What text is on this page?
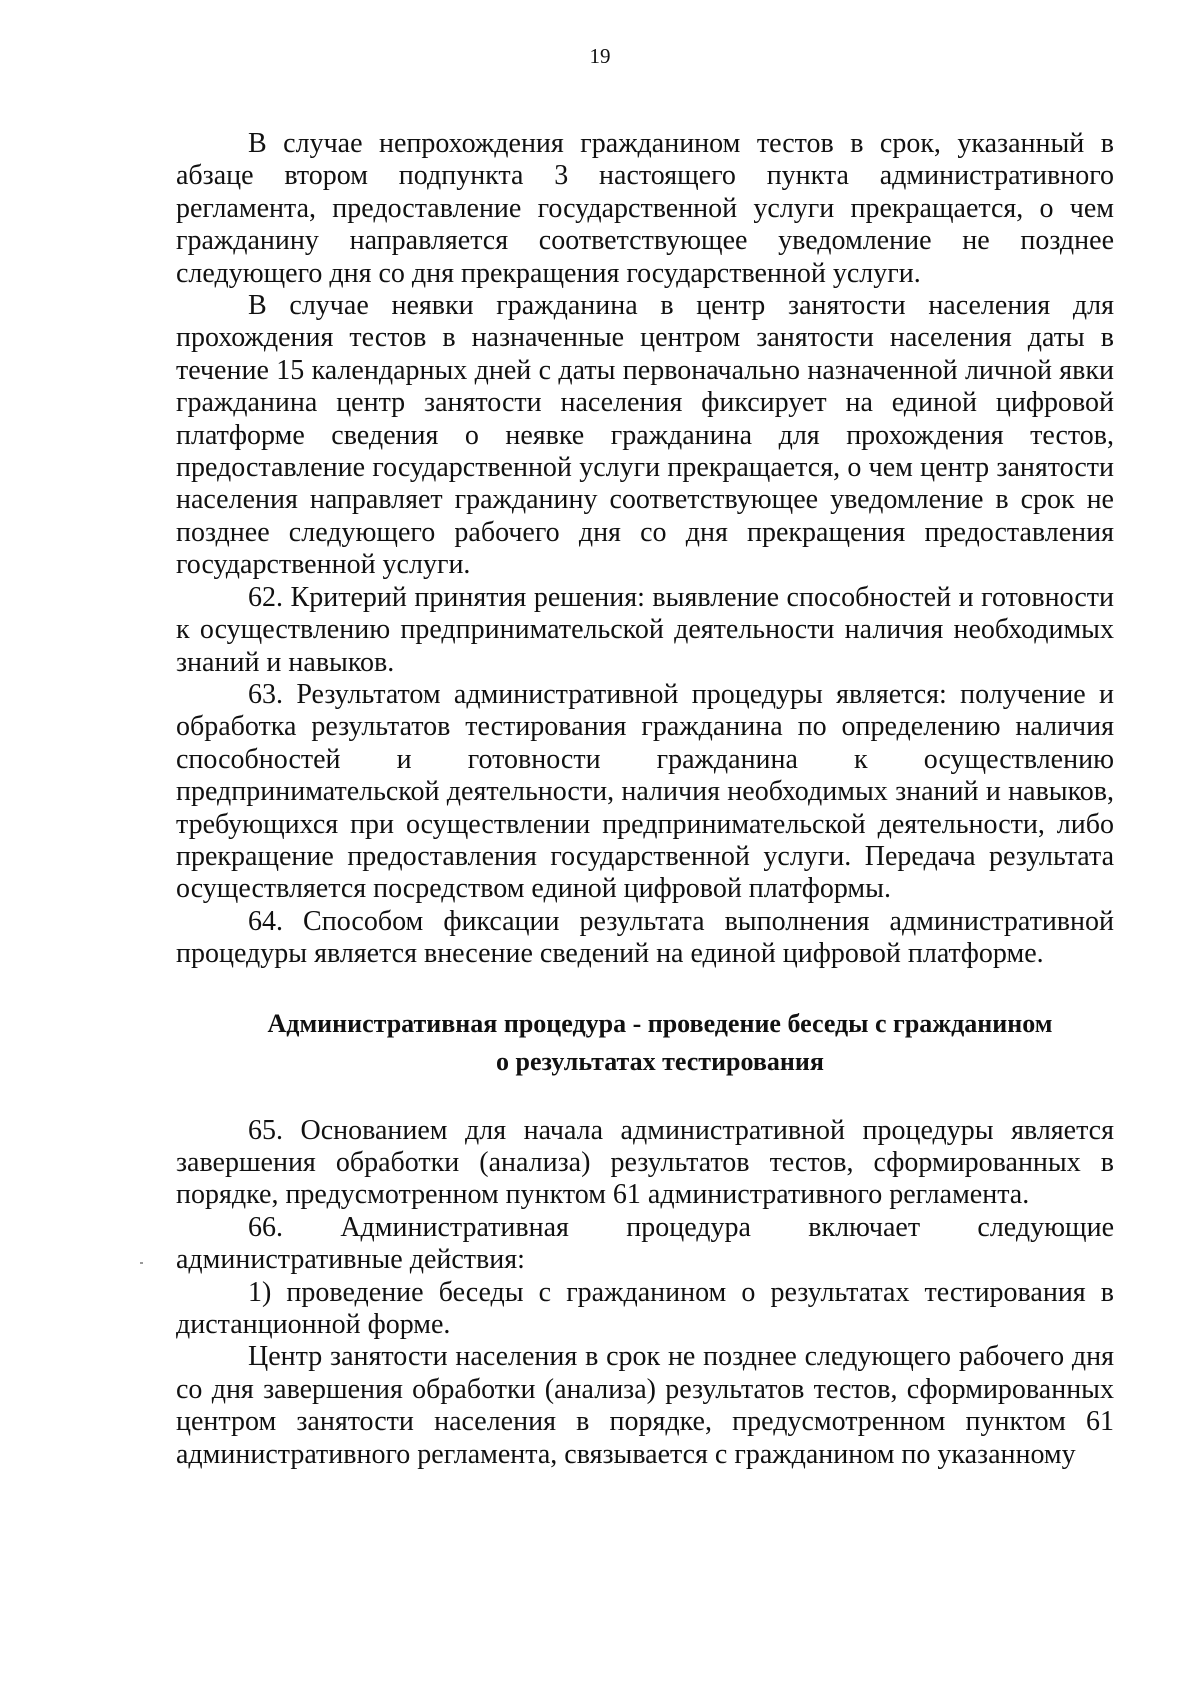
19

В случае непрохождения гражданином тестов в срок, указанный в абзаце втором подпункта 3 настоящего пункта административного регламента, предоставление государственной услуги прекращается, о чем гражданину направляется соответствующее уведомление не позднее следующего дня со дня прекращения государственной услуги.

В случае неявки гражданина в центр занятости населения для прохождения тестов в назначенные центром занятости населения даты в течение 15 календарных дней с даты первоначально назначенной личной явки гражданина центр занятости населения фиксирует на единой цифровой платформе сведения о неявке гражданина для прохождения тестов, предоставление государственной услуги прекращается, о чем центр занятости населения направляет гражданину соответствующее уведомление в срок не позднее следующего рабочего дня со дня прекращения предоставления государственной услуги.

62. Критерий принятия решения: выявление способностей и готовности к осуществлению предпринимательской деятельности наличия необходимых знаний и навыков.

63. Результатом административной процедуры является: получение и обработка результатов тестирования гражданина по определению наличия способностей и готовности гражданина к осуществлению предпринимательской деятельности, наличия необходимых знаний и навыков, требующихся при осуществлении предпринимательской деятельности, либо прекращение предоставления государственной услуги. Передача результата осуществляется посредством единой цифровой платформы.

64. Способом фиксации результата выполнения административной процедуры является внесение сведений на единой цифровой платформе.

Административная процедура - проведение беседы с гражданином
о результатах тестирования

65. Основанием для начала административной процедуры является завершения обработки (анализа) результатов тестов, сформированных в порядке, предусмотренном пунктом 61 административного регламента.

66. Административная процедура включает следующие административные действия:

1) проведение беседы с гражданином о результатах тестирования в дистанционной форме.

Центр занятости населения в срок не позднее следующего рабочего дня со дня завершения обработки (анализа) результатов тестов, сформированных центром занятости населения в порядке, предусмотренном пунктом 61 административного регламента, связывается с гражданином по указанному
